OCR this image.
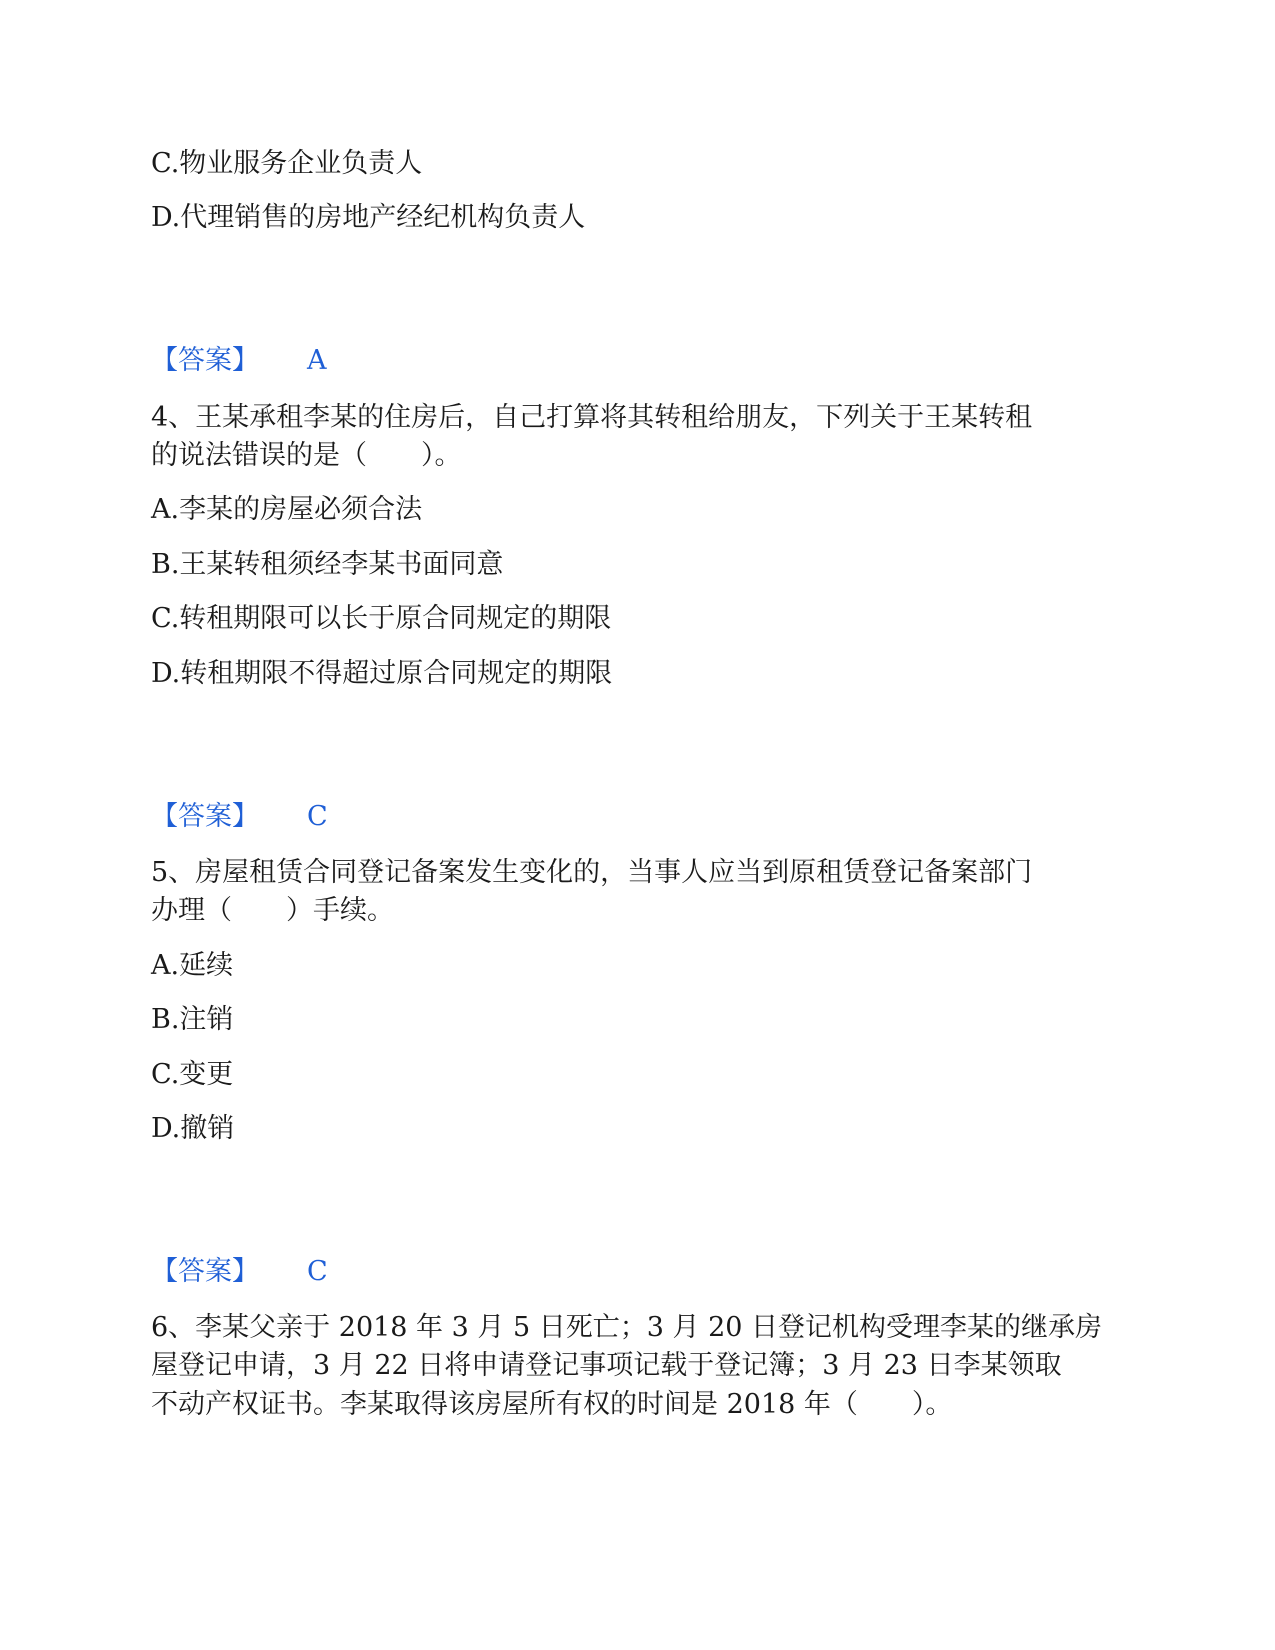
C.物业服务企业负责人
D.代理销售的房地产经纪机构负责人
【答案】 A
4、王某承租李某的住房后，自己打算将其转租给朋友，下列关于王某转租
的说法错误的是（　　）。
A.李某的房屋必须合法
B.王某转租须经李某书面同意
C.转租期限可以长于原合同规定的期限
D.转租期限不得超过原合同规定的期限
【答案】 C
5、房屋租赁合同登记备案发生变化的，当事人应当到原租赁登记备案部门
办理（　　）手续。
A.延续
B.注销
C.变更
D.撤销
【答案】 C
6、李某父亲于 2018 年 3 月 5 日死亡；3 月 20 日登记机构受理李某的继承房
屋登记申请，3 月 22 日将申请登记事项记载于登记簿；3 月 23 日李某领取
不动产权证书。李某取得该房屋所有权的时间是 2018 年（　　）。
